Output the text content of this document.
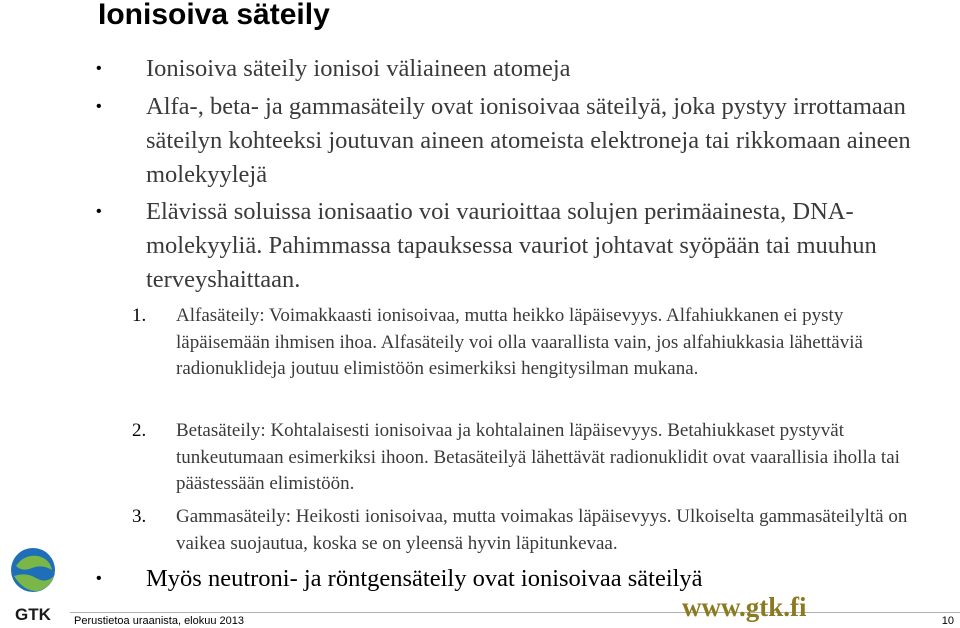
Ionisoiva säteily
• Ionisoiva säteily ionisoi väliaineen atomeja
• Alfa-, beta- ja gammasäteily ovat ionisoivaa säteilyä, joka pystyy irrottamaan säteilyn kohteeksi joutuvan aineen atomeista elektroneja tai rikkomaan aineen molekyylejä
• Elävissä soluissa ionisaatio voi vaurioittaa solujen perimäainesta, DNA-molekyyliä. Pahimmassa tapauksessa vauriot johtavat syöpään tai muuhun terveyshaittaan.
1. Alfasäteily: Voimakkaasti ionisoivaa, mutta heikko läpäisevyys. Alfahiukkanen ei pysty läpäisemään ihmisen ihoa. Alfasäteily voi olla vaarallista vain, jos alfahiukkasia lähettäviä radionuklideja joutuu elimistöön esimerkiksi hengitysilman mukana.
2. Betasäteily: Kohtalaisesti ionisoivaa ja kohtalainen läpäisevyys. Betahiukkaset pystyvät tunkeutumaan esimerkiksi ihoon. Betasäteilyä lähettävät radionuklidit ovat vaarallisia iholla tai päästessään elimistöön.
3. Gammasäteily: Heikosti ionisoivaa, mutta voimakas läpäisevyys. Ulkoiselta gammasäteilyltä on vaikea suojautua, koska se on yleensä hyvin läpitunkevaa.
• Myös neutroni- ja röntgensäteily ovat ionisoivaa säteilyä
GTK Perustietoa uraanista, elokuu 2013	www.gtk.fi	10
